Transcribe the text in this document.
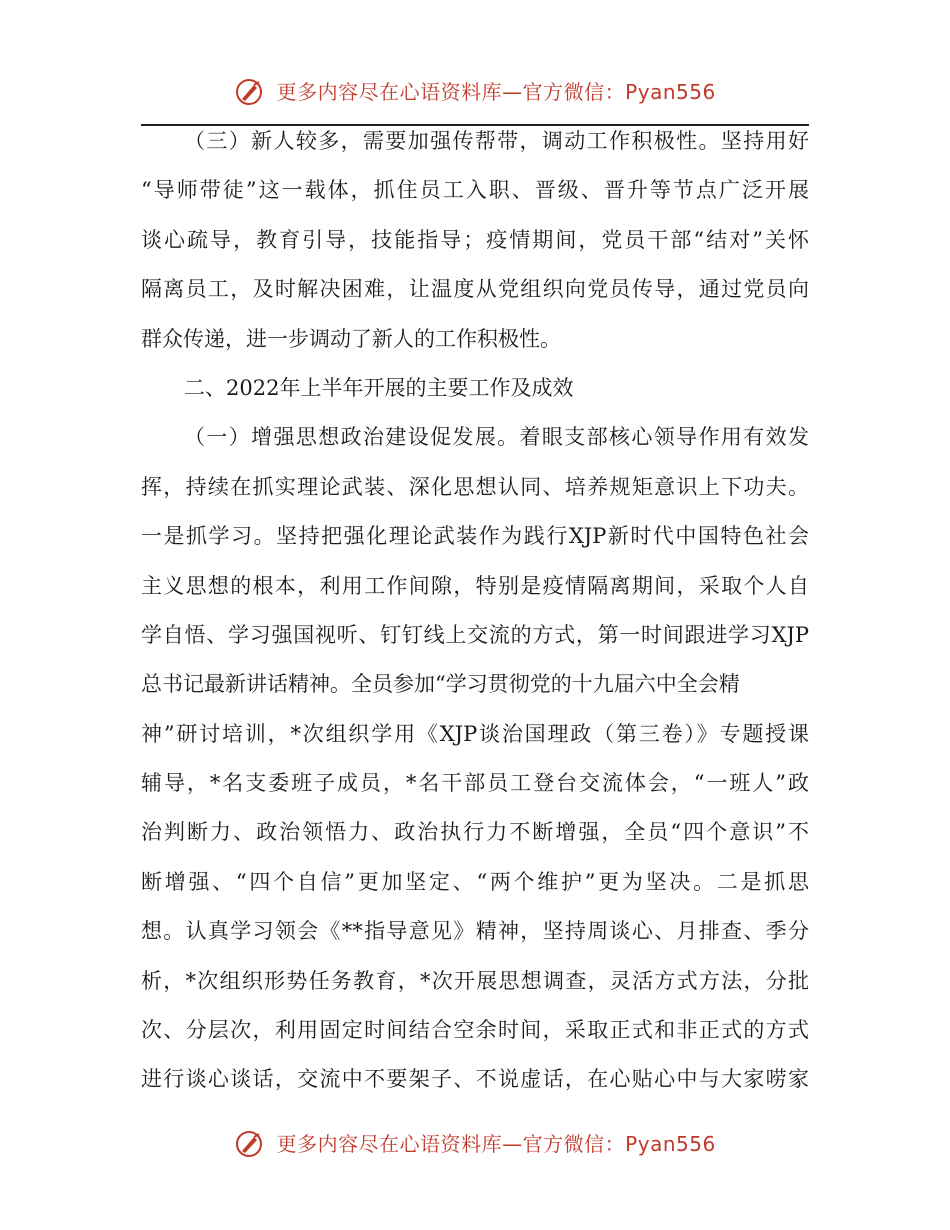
更多内容尽在心语资料库—官方微信：Pyan556
（三）新人较多，需要加强传帮带，调动工作积极性。坚持用好
“导师带徒”这一载体，抓住员工入职、晋级、晋升等节点广泛开展
谈心疏导，教育引导，技能指导；疫情期间，党员干部“结对”关怀
隔离员工，及时解决困难，让温度从党组织向党员传导，通过党员向
群众传递，进一步调动了新人的工作积极性。
二、2022年上半年开展的主要工作及成效
（一）增强思想政治建设促发展。着眼支部核心领导作用有效发
挥，持续在抓实理论武装、深化思想认同、培养规矩意识上下功夫。
一是抓学习。坚持把强化理论武装作为践行XJP新时代中国特色社会
主义思想的根本，利用工作间隙，特别是疫情隔离期间，采取个人自
学自悟、学习强国视听、钉钉线上交流的方式，第一时间跟进学习XJP
总书记最新讲话精神。全员参加“学习贯彻党的十九届六中全会精
神”研讨培训，*次组织学用《XJP谈治国理政（第三卷）》专题授课
辅导，*名支委班子成员，*名干部员工登台交流体会，“一班人”政
治判断力、政治领悟力、政治执行力不断增强，全员“四个意识”不
断增强、“四个自信”更加坚定、“两个维护”更为坚决。二是抓思
想。认真学习领会《**指导意见》精神，坚持周谈心、月排查、季分
析，*次组织形势任务教育，*次开展思想调查，灵活方式方法，分批
次、分层次，利用固定时间结合空余时间，采取正式和非正式的方式
进行谈心谈话，交流中不要架子、不说虚话，在心贴心中与大家唠家
更多内容尽在心语资料库—官方微信：Pyan556
